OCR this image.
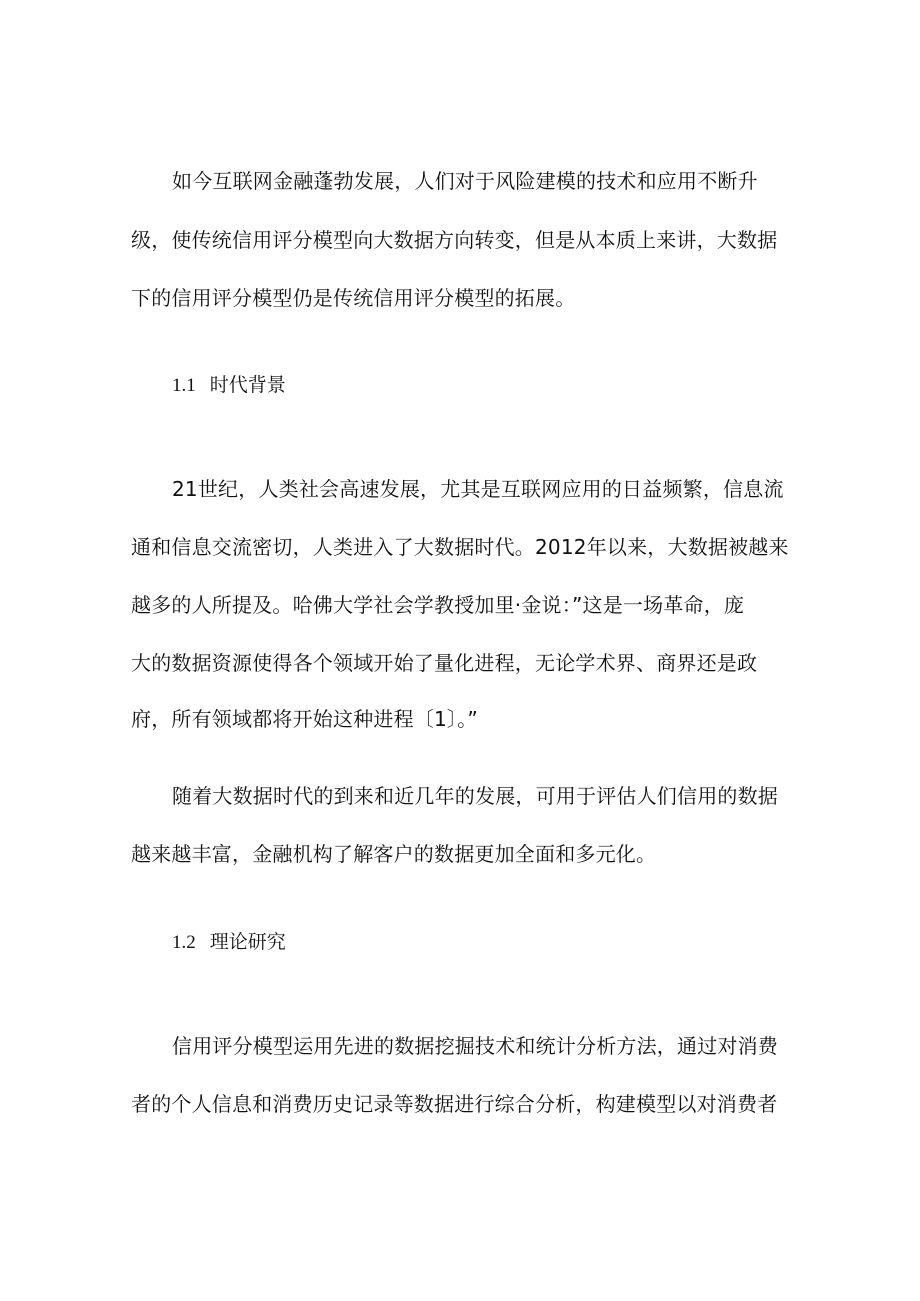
如今互联网金融蓬勃发展，人们对于风险建模的技术和应用不断升
级，使传统信用评分模型向大数据方向转变，但是从本质上来讲，大数据
下的信用评分模型仍是传统信用评分模型的拓展。
1.1 时代背景
21世纪，人类社会高速发展，尤其是互联网应用的日益频繁，信息流
通和信息交流密切，人类进入了大数据时代。2012年以来，大数据被越来
越多的人所提及。哈佛大学社会学教授加里·金说：”这是一场革命，庞
大的数据资源使得各个领域开始了量化进程，无论学术界、商界还是政
府，所有领域都将开始这种进程〔1〕。”
随着大数据时代的到来和近几年的发展，可用于评估人们信用的数据
越来越丰富，金融机构了解客户的数据更加全面和多元化。
1.2 理论研究
信用评分模型运用先进的数据挖掘技术和统计分析方法，通过对消费
者的个人信息和消费历史记录等数据进行综合分析，构建模型以对消费者
